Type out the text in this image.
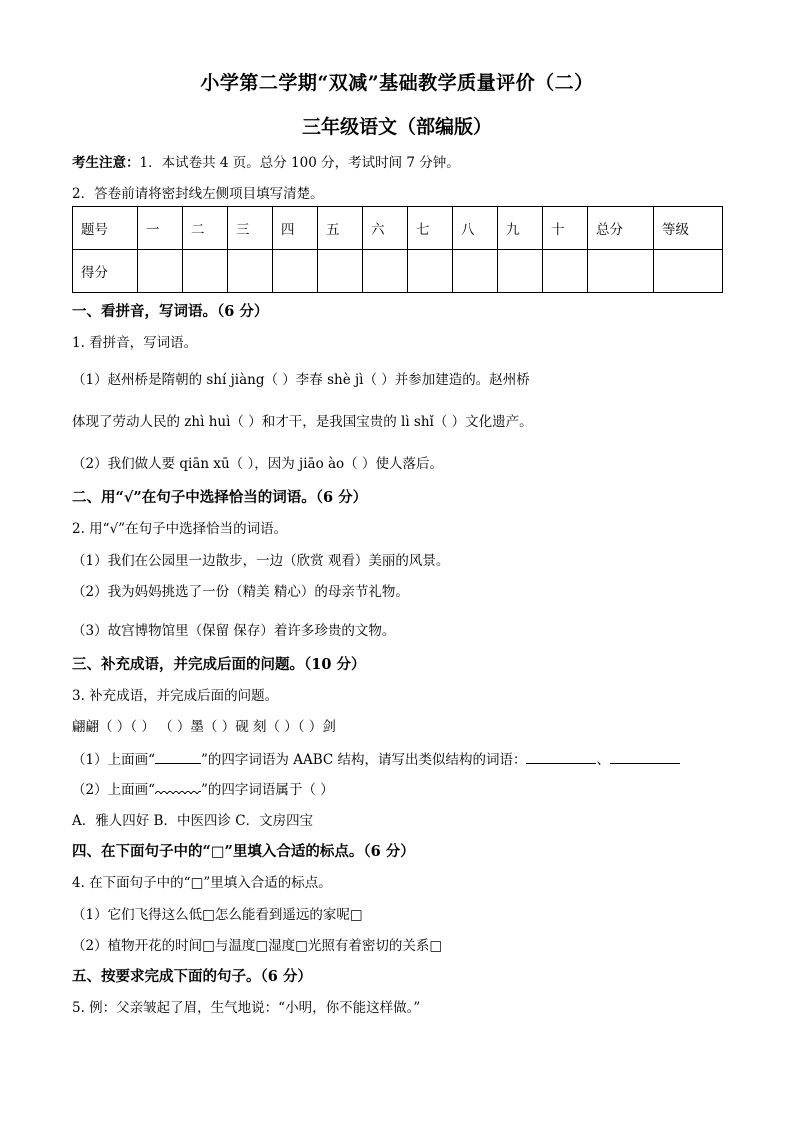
小学第二学期“双减”基础教学质量评价（二）
三年级语文（部编版）
考生注意：1．本试卷共 4 页。总分 100 分，考试时间 7 分钟。
2．答卷前请将密封线左侧项目填写清楚。
题号	一	二	三	四	五	六	七	八	九	十	总分	等级
得分												
一、看拼音，写词语。（6 分）
1. 看拼音，写词语。
（1）赵州桥是隋朝的 shí jiàng（ ）李春 shè jì（ ）并参加建造的。赵州桥
体现了劳动人民的 zhì huì（ ）和才干，是我国宝贵的 lì shǐ（ ）文化遗产。
（2）我们做人要 qiān xū（ ），因为 jiāo ào（ ）使人落后。
二、用“√”在句子中选择恰当的词语。（6 分）
2. 用“√”在句子中选择恰当的词语。
（1）我们在公园里一边散步，一边（欣赏 观看）美丽的风景。
（2）我为妈妈挑选了一份（精美 精心）的母亲节礼物。
（3）故宫博物馆里（保留 保存）着许多珍贵的文物。
三、补充成语，并完成后面的问题。（10 分）
3. 补充成语，并完成后面的问题。
翩翩（ ）（ ） （ ）墨（ ）砚 刻（ ）（ ）剑
（1）上面画“	”的四字词语为 AABC 结构，请写出类似结构的词语：	、
（2）上面画“	”的四字词语属于（ ）
A．雅人四好 B．中医四诊 C．文房四宝
四、在下面句子中的“□”里填入合适的标点。（6 分）
4. 在下面句子中的“□”里填入合适的标点。
（1）它们飞得这么低□怎么能看到遥远的家呢□
（2）植物开花的时间□与温度□湿度□光照有着密切的关系□
五、按要求完成下面的句子。（6 分）
5. 例：父亲皱起了眉，生气地说：“小明，你不能这样做。”
